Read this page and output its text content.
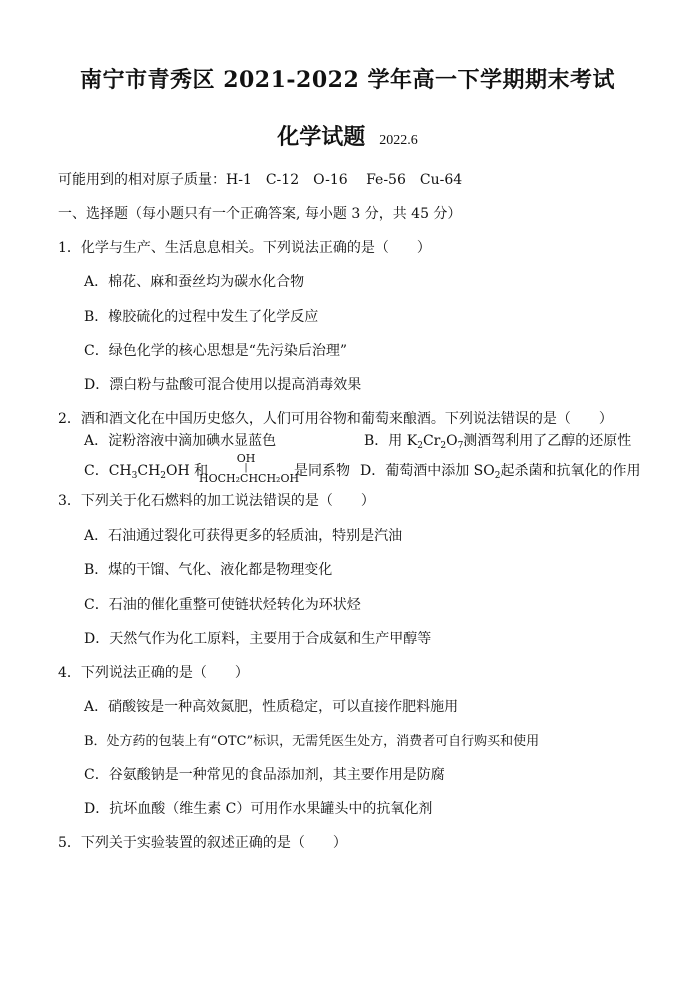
南宁市青秀区 2021-2022 学年高一下学期期末考试
化学试题 2022.6
可能用到的相对原子质量：H-1　C-12　O-16　 Fe-56　Cu-64
一、选择题（每小题只有一个正确答案, 每小题 3 分，共 45 分）
1．化学与生产、生活息息相关。下列说法正确的是（　　）
A．棉花、麻和蚕丝均为碳水化合物
B．橡胶硫化的过程中发生了化学反应
C．绿色化学的核心思想是“先污染后治理”
D．漂白粉与盐酸可混合使用以提高消毒效果
2．酒和酒文化在中国历史悠久，人们可用谷物和葡萄来酿酒。下列说法错误的是（　　）
A．淀粉溶液中滴加碘水显蓝色	B．用 $K_2Cr_2O_7$测酒驾利用了乙醇的还原性
C．$CH_3CH_2OH$ 和
OH
|
HOCH₂CHCH₂OH
是同系物 D．葡萄酒中添加 $SO_2$起杀菌和抗氧化的作用
3．下列关于化石燃料的加工说法错误的是（　　）
A．石油通过裂化可获得更多的轻质油，特别是汽油
B．煤的干馏、气化、液化都是物理变化
C．石油的催化重整可使链状烃转化为环状烃
D．天然气作为化工原料，主要用于合成氨和生产甲醇等
4．下列说法正确的是（　　）
A．硝酸铵是一种高效氮肥，性质稳定，可以直接作肥料施用
B．处方药的包装上有“OTC”标识，无需凭医生处方，消费者可自行购买和使用
C．谷氨酸钠是一种常见的食品添加剂，其主要作用是防腐
D．抗坏血酸（维生素 C）可用作水果罐头中的抗氧化剂
5．下列关于实验装置的叙述正确的是（　　）
